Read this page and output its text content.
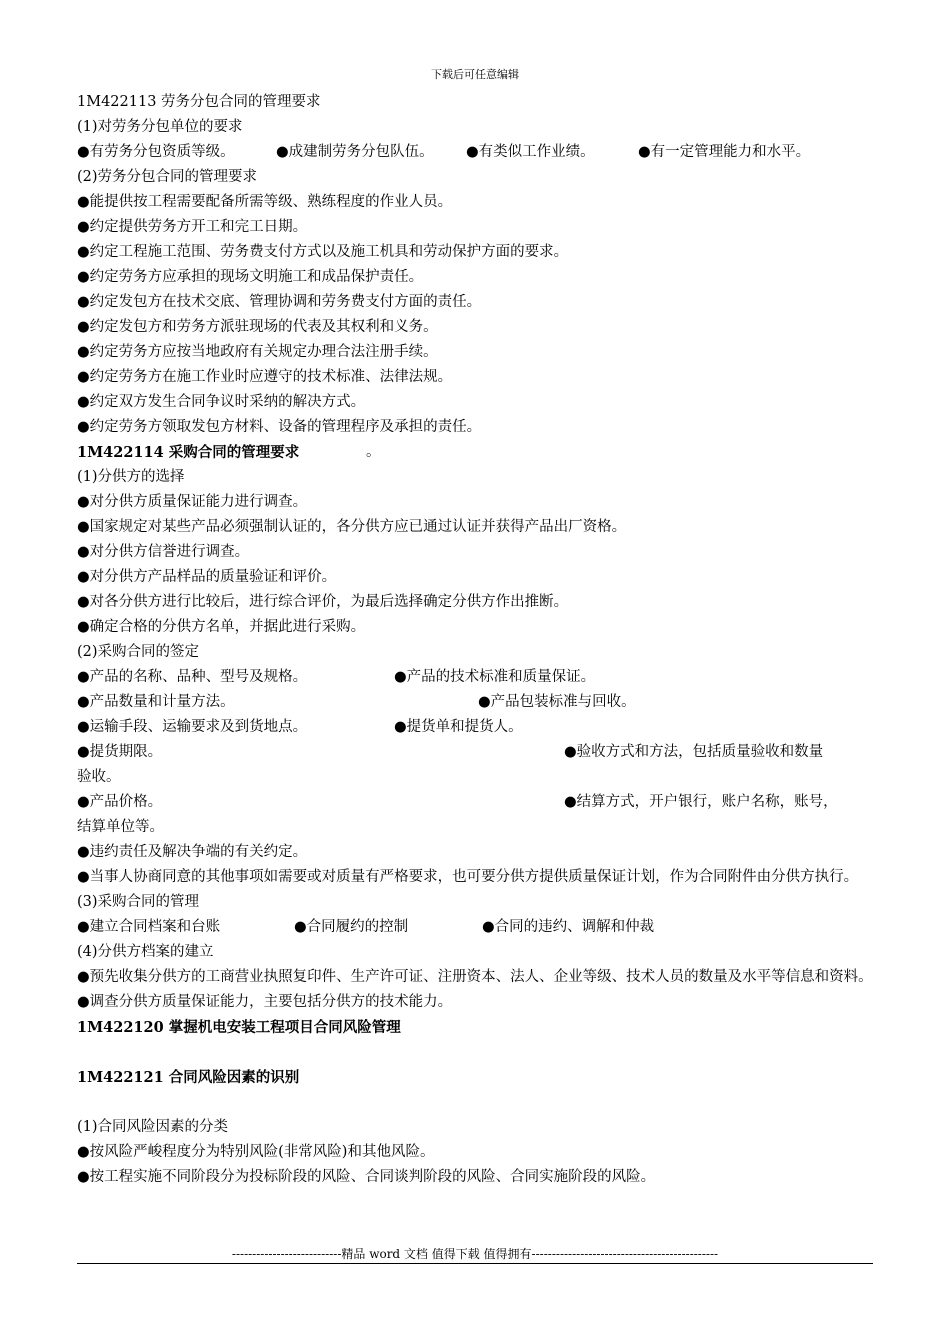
下载后可任意编辑
1M422113 劳务分包合同的管理要求
(1)对劳务分包单位的要求
●有劳务分包资质等级。	●成建制劳务分包队伍。 ●有类似工作业绩。	●有一定管理能力和水平。
(2)劳务分包合同的管理要求
●能提供按工程需要配备所需等级、熟练程度的作业人员。
●约定提供劳务方开工和完工日期。
●约定工程施工范围、劳务费支付方式以及施工机具和劳动保护方面的要求。
●约定劳务方应承担的现场文明施工和成品保护责任。
●约定发包方在技术交底、管理协调和劳务费支付方面的责任。
●约定发包方和劳务方派驻现场的代表及其权利和义务。
●约定劳务方应按当地政府有关规定办理合法注册手续。
●约定劳务方在施工作业时应遵守的技术标准、法律法规。
●约定双方发生合同争议时采纳的解决方式。
●约定劳务方领取发包方材料、设备的管理程序及承担的责任。
1M422114 采购合同的管理要求	。
(1)分供方的选择
●对分供方质量保证能力进行调查。
●国家规定对某些产品必须强制认证的，各分供方应已通过认证并获得产品出厂资格。
●对分供方信誉进行调查。
●对分供方产品样品的质量验证和评价。
●对各分供方进行比较后，进行综合评价，为最后选择确定分供方作出推断。
●确定合格的分供方名单，并据此进行采购。
(2)采购合同的签定
●产品的名称、品种、型号及规格。	●产品的技术标准和质量保证。
●产品数量和计量方法。	●产品包装标准与回收。
●运输手段、运输要求及到货地点。	●提货单和提货人。
●提货期限。	●验收方式和方法，包括质量验收和数量
验收。
●产品价格。	●结算方式，开户银行，账户名称，账号，
结算单位等。
●违约责任及解决争端的有关约定。
●当事人协商同意的其他事项如需要或对质量有严格要求，也可要分供方提供质量保证计划，作为合同附件由分供方执行。
(3)采购合同的管理
●建立合同档案和台账	●合同履约的控制	●合同的违约、调解和仲裁
(4)分供方档案的建立
●预先收集分供方的工商营业执照复印件、生产许可证、注册资本、法人、企业等级、技术人员的数量及水平等信息和资料。
●调查分供方质量保证能力，主要包括分供方的技术能力。
1M422120 掌握机电安装工程项目合同风险管理
1M422121 合同风险因素的识别
(1)合同风险因素的分类
●按风险严峻程度分为特别风险(非常风险)和其他风险。
●按工程实施不同阶段分为投标阶段的风险、合同谈判阶段的风险、合同实施阶段的风险。
---------------------------精品 word 文档 值得下载 值得拥有----------------------------------------------
